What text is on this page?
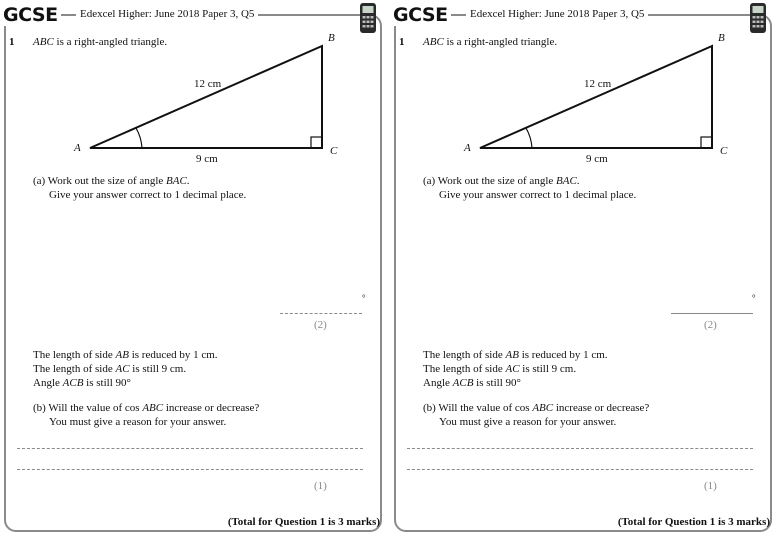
GCSE	Edexcel Higher: June 2018 Paper 3, Q5
1 ABC is a right-angled triangle.
A
B
C
12 cm
9 cm
(a) Work out the size of angle BAC.
Give your answer correct to 1 decimal place.
°
(2)
The length of side AB is reduced by 1 cm.
The length of side AC is still 9 cm.
Angle ACB is still 90°
(b) Will the value of cos ABC increase or decrease?
You must give a reason for your answer.
(1)
(Total for Question 1 is 3 marks)
GCSE	Edexcel Higher: June 2018 Paper 3, Q5
1 ABC is a right-angled triangle.
A
B
C
12 cm
9 cm
(a) Work out the size of angle BAC.
Give your answer correct to 1 decimal place.
°
(2)
The length of side AB is reduced by 1 cm.
The length of side AC is still 9 cm.
Angle ACB is still 90°
(b) Will the value of cos ABC increase or decrease?
You must give a reason for your answer.
(1)
(Total for Question 1 is 3 marks)
